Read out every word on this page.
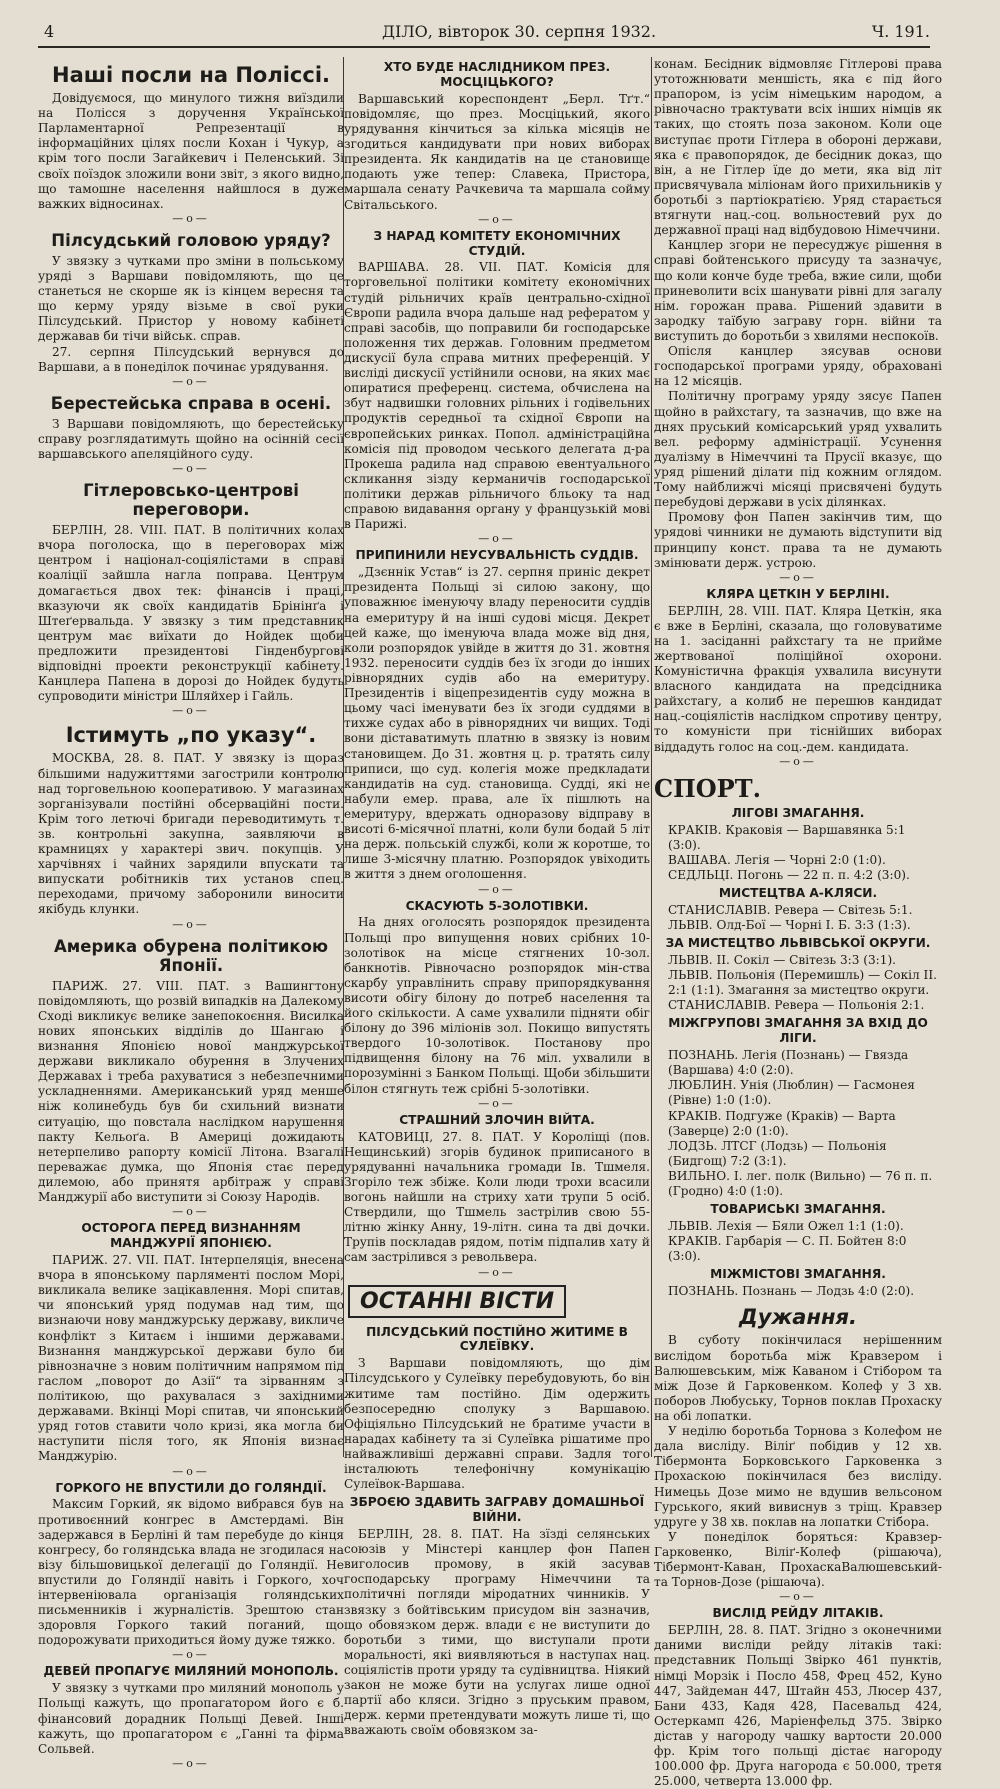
4	ДІЛО, вівторок 30. серпня 1932.	Ч. 191.
Наші посли на Поліссі.

Довідуємося, що минулого тижня виїздили на Полісся з доручення Української Парламентарної Репрезентації в інформаційних цілях посли Кохан і Чукур, а крім того посли Загайкевич і Пеленський. Зі своїх поїздок зложили вони звіт, з якого видно, що тамошне населення найшлося в дуже важких відносинах.

—o—
Пілсудський головою уряду?

У звязку з чутками про зміни в польському уряді з Варшави повідомляють, що це станеться не скорше як із кінцем вересня та що керму уряду візьме в свої руки Пілсудський. Пристор у новому кабінеті державав би тічи військ. справ.

27. серпня Пілсудський вернувся до Варшави, а в понеділок починає урядування.

—o—
Берестейська справа в осені.

З Варшави повідомляють, що берестейську справу розглядатимуть щойно на осінній сесії варшавського апеляційного суду.

—o—
Гітлеровсько-центрові переговори.

БЕРЛІН, 28. VIII. ПАТ. В політичних колах вчора поголоска, що в переговорах між центром і націонал-соціялістами в справі коаліції зайшла нагла поправа. Центрум домагається двох тек: фінансів і праці, вказуючи як своїх кандидатів Брінінґа і Штеґервальда. У звязку з тим представник центрум має виїхати до Нойдек щоби предложити президентові Гінденбургові відповідні проекти реконструкції кабінету. Канцлера Папена в дорозі до Нойдек будуть супроводити міністри Шляйхер і Гайль.

—o—
Істимуть „по указу“.

МОСКВА, 28. 8. ПАТ. У звязку із щораз більшими надужиттями загострили контролю над торговельною кооперативою. У магазинах зорганізували постійні обсерваційні пости. Крім того летючі бригади переводитимуть т. зв. контрольні закупна, заявляючи в крамницях у характері звич. покупців. У харчівнях і чайних зарядили впускати та випускати робітників тих установ спец. переходами, причому заборонили виносити якібудь клунки.

—o—
Америка обурена політикою Японії.

ПАРИЖ. 27. VIII. ПАТ. з Вашингтону повідомляють, що розвій випадків на Далекому Сході викликує велике занепокоєння. Висилка нових японських відділів до Шангаю і визнання Японією нової манджурської держави викликало обурення в Злучених Державах і треба рахуватися з небезпечними ускладненнями. Американський уряд менше ніж колинебудь був би схильний визнати ситуацію, що повстала наслідком нарушення пакту Кельоґа. В Америці дожидають нетерпеливо рапорту комісії Літона. Взагалі переважає думка, що Японія стає перед дилемою, або принятя арбітраж у справі Манджурії або виступити зі Союзу Народів.

—o—
ОСТОРОГА ПЕРЕД ВИЗНАННЯМ МАНДЖУРІЇ ЯПОНІЄЮ.

ПАРИЖ. 27. VII. ПАТ. Інтерпеляція, внесена вчора в японському парляменті послом Морі, викликала велике зацікавлення. Морі спитав, чи японський уряд подумав над тим, що визнаючи нову манджурську державу, викличе конфлікт з Китаєм і іншими державами. Визнання манджурської держави було би рівнозначне з новим політичним напрямом під гаслом „поворот до Азії“ та зірванням з політикою, що рахувалася з західними державами. Вкінці Морі спитав, чи японський уряд готов ставити чоло кризі, яка могла би наступити після того, як Японія визнає Манджурію.

—o—
ГОРКОГО НЕ ВПУСТИЛИ ДО ГОЛЯНДІЇ.

Максим Горкий, як відомо вибрався був на противоєнний конгрес в Амстердамі. Він задержався в Берліні й там перебуде до кінця конгресу, бо голяндська влада не згодилася на візу більшовицької делегації до Голяндії. Не впустили до Голяндії навіть і Горкого, хоч інтервеніювала організація голяндських письменників і журналістів. Зрештою стан здоровля Горкого такий поганий, що подорожувати приходиться йому дуже тяжко.

—o—
ДЕВЕЙ ПРОПАГУЄ МИЛЯНИЙ МОНОПОЛЬ.

У звязку з чутками про миляний монополь у Польщі кажуть, що пропагатором його є б. фінансовий дорадник Польщі Девей. Інші кажуть, що пропагатором є „Ганні та фірма Сольвей.

—o—
ХТО БУДЕ НАСЛІДНИКОМ ПРЕЗ. МОСЦІЦЬКОГО?

Варшавський кореспондент „Берл. Тґт.“ повідомляє, що през. Мосціцький, якого урядування кінчиться за кілька місяців не згодиться кандидувати при нових виборах президента. Як кандидатів на це становище подають уже тепер: Славека, Пристора, маршала сенату Рачкевича та маршала сойму Світальського.

—o—
З НАРАД КОМІТЕТУ ЕКОНОМІЧНИХ СТУДІЙ.

ВАРШАВА. 28. VII. ПАТ. Комісія для торговельної політики комітету економічних студій рільничих країв центрально-східної Європи радила вчора дальше над рефератом у справі засобів, що поправили би господарське положення тих держав. Головним предметом дискусії була справа митних преференцій. У висліді дискусії устійнили основи, на яких має опиратися преференц. система, обчислена на збут надвишки головних рільних і годівельних продуктів середньої та східної Європи на європейських ринках. Попол. адміністраційна комісія під проводом чеського делегата д-ра Прокеша радила над справою евентуального скликання зізду керманичів господарської політики держав рільничого бльоку та над справою видавання органу у французькій мові в Парижі.

—o—
ПРИПИНИЛИ НЕУСУВАЛЬНІСТЬ СУДДІВ.

„Дзєннік Устав“ із 27. серпня приніс декрет президента Польщі зі силою закону, що уповажнює іменуючу владу переносити суддів на емеритуру й на інші судові місця. Декрет цей каже, що іменуюча влада може від дня, коли розпорядок увійде в життя до 31. жовтня 1932. переносити суддів без їх згоди до інших рівнорядних судів або на емеритуру. Президентів і віцепрезидентів суду можна в цьому часі іменувати без їх згоди суддями в тихже судах або в рівнорядних чи вищих. Тоді вони діставатимуть платню в звязку із новим становищем. До 31. жовтня ц. р. тратять силу приписи, що суд. колегія може предкладати кандидатів на суд. становища. Судді, які не набули емер. права, але їх пішлють на емеритуру, вдержать одноразову відправу в висоті 6-місячної платні, коли були бодай 5 літ на держ. польській службі, коли ж коротше, то лише 3-місячну платню. Розпорядок увіходить в життя з днем оголошення.

—o—
СКАСУЮТЬ 5-ЗОЛОТІВКИ.

На днях оголосять розпорядок президента Польщі про випущення нових срібних 10-золотівок на місце стягнених 10-зол. банкнотів. Рівночасно розпорядок мін-ства скарбу управлінить справу припорядкування висоти обігу білону до потреб населення та його скількости. А саме ухвалили підняти обіг білону до 396 міліонів зол. Покищо випустять твердого 10-золотівок. Постанову про підвищення білону на 76 міл. ухвалили в порозумінні з Банком Польщі. Щоби збільшити білон стягнуть теж срібні 5-золотівки.

—o—
СТРАШНИЙ ЗЛОЧИН ВІЙТА.

КАТОВИЦІ, 27. 8. ПАТ. У Короліщі (пов. Нещинський) згорів будинок приписаного в урядуванні начальника громади Ів. Тшмеля. Згоріло теж збіже. Коли люди трохи всасили вогонь найшли на стриху хати трупи 5 осіб. Ствердили, що Тшмель застрілив свою 55-літню жінку Анну, 19-літн. сина та дві дочки. Трупів поскладав рядом, потім підпалив хату й сам застрілився з револьвера.

—o—
ОСТАННІ ВІСТИ
ПІЛСУДСЬКИЙ ПОСТІЙНО ЖИТИМЕ В СУЛЕЇВКУ.

З Варшави повідомляють, що дім Пілсудського у Сулеївку перебудовують, бо він житиме там постійно. Дім одержить безпосередню сполуку з Варшавою. Офіціяльно Пілсудський не братиме участи в нарадах кабінету та зі Сулеївка рішатиме про найважливіші державні справи. Задля того інсталюють телефонічну комунікацію Сулеївок-Варшава.

ЗБРОЄЮ ЗДАВИТЬ ЗАГРАВУ ДОМАШНЬОЇ ВІЙНИ.

БЕРЛІН, 28. 8. ПАТ. На зїзді селянських союзів у Мінстері канцлер фон Папен виголосив промову, в якій засував господарську програму Німеччини та політичні погляди міродатних чинників. У звязку з бойтівським присудом він зазначив, що обовязком держ. влади є не виступити до боротьби з тими, що виступали проти моральності, які виявляються в наступах нац. соціялістів проти уряду та судівництва. Ніякий закон не може бути на услугах лише одної партії або кляси. Згідно з пруським правом, держ. керми претендувати можуть лише ті, що вважають своїм обовязком за-

конам. Бесідник відмовляє Гітлерові права утотожнювати меншість, яка є під його прапором, із усім німецьким народом, а рівночасно трактувати всіх інших німців як таких, що стоять поза законом. Коли оце виступає проти Гітлера в обороні держави, яка є правопорядок, де бесідник доказ, що він, а не Гітлер їде до мети, яка від літ присвячувала міліонам його прихильників у боротьбі з партіократією. Уряд старається втягнути нац.-соц. вольностевий рух до державної праці над відбудовою Німеччини.

Канцлер згори не пересуджує рішення в справі бойтенського присуду та зазначує, що коли конче буде треба, вжие сили, щоби приневолити всіх шанувати рівні для загалу нім. горожан права. Рішений здавити в зародку таїбую заграву горн. війни та виступить до боротьби з хвилями неспокоїв.

Опісля канцлер зясував основи господарської програми уряду, обраховані на 12 місяців.

Політичну програму уряду зясує Папен щойно в райхстагу, та зазначив, що вже на днях пруський комісарський уряд ухвалить вел. реформу адміністрації. Усунення дуалізму в Німеччині та Прусії вказує, що уряд рішений ділати під кожним оглядом. Тому найближчі місяці присвячені будуть перебудові держави в усіх ділянках.

Промову фон Папен закінчив тим, що урядові чинники не думають відступити від принципу конст. права та не думають змінювати держ. устрою.

—o—
КЛЯРА ЦЕТКІН У БЕРЛІНІ.

БЕРЛІН, 28. VIII. ПАТ. Кляра Цеткін, яка є вже в Берліні, сказала, що головуватиме на 1. засіданні райхстагу та не прийме жертвованої поліційної охорони. Комуністична фракція ухвалила висунути власного кандидата на предсідника райхстагу, а колиб не перешюв кандидат нац.-соціялістів наслідком спротиву центру, то комуністи при тіснійших виборах віддадуть голос на соц.-дем. кандидата.

—o—
СПОРТ.
ЛІГОВІ ЗМАГАННЯ.
КРАКІВ. Краковія — Варшавянка 5:1 (3:0).
ВАШАВА. Легія — Чорні 2:0 (1:0).
СЕДЛЬЦІ. Погонь — 22 п. п. 4:2 (3:0).
МИСТЕЦТВА А-КЛЯСИ.
СТАНИСЛАВІВ. Ревера — Світезь 5:1.
ЛЬВІВ. Олд-Бої — Чорні І. Б. 3:3 (1:3).
ЗА МИСТЕЦТВО ЛЬВІВСЬКОЇ ОКРУГИ.
ЛЬВІВ. ІІ. Сокіл — Світезь 3:3 (3:1).
ЛЬВІВ. Польонія (Перемишль) — Сокіл ІІ. 2:1 (1:1). Змагання за мистецтво округи.
СТАНИСЛАВІВ. Ревера — Польонія 2:1.
МІЖГРУПОВІ ЗМАГАННЯ ЗА ВХІД ДО ЛІГИ.
ПОЗНАНЬ. Легія (Познань) — Гвязда (Варшава) 4:0 (2:0).
ЛЮБЛИН. Унія (Люблин) — Гасмонея (Рівне) 1:0 (1:0).
КРАКІВ. Подгуже (Краків) — Варта (Заверце) 2:0 (1:0).
ЛОДЗЬ. ЛТСГ (Лодзь) — Польонія (Бидгощ) 7:2 (3:1).
ВИЛЬНО. І. лег. полк (Вильно) — 76 п. п. (Гродно) 4:0 (1:0).
ТОВАРИСЬКІ ЗМАГАННЯ.
ЛЬВІВ. Лехія — Бяли Ожел 1:1 (1:0).
КРАКІВ. Гарбарія — С. П. Бойтен 8:0 (3:0).
МІЖМІСТОВІ ЗМАГАННЯ.
ПОЗНАНЬ. Познань — Лодзь 4:0 (2:0).
Дужання.

В суботу покінчилася нерішенним вислідом боротьба між Кравзером і Валюшевським, між Каваном і Стібором та між Дозе й Гарковенком. Колеф у 3 хв. поборов Любуську, Торнов поклав Прохаску на обі лопатки.

У неділю боротьба Торнова з Колефом не дала висліду. Віліґ побідив у 12 хв. Тібермонта Борковського Гарковенка з Прохаскою покінчилася без висліду. Нимецьь Дозе мимо не вдушив вельсоном Гурського, який вивиснув з тріщ. Кравзер удруге у 38 хв. поклав на лопатки Стібора.

У понеділок боряться: Кравзер-Гарковенко, Віліґ-Колеф (рішаюча), Тібермонт-Каван, ПрохаскаВалюшевський- та Торнов-Дозе (рішаюча).

—o—
ВИСЛІД РЕЙДУ ЛІТАКІВ.

БЕРЛІН, 28. 8. ПАТ. Згідно з оконечними даними висліди рейду літаків такі: представник Польщі Звірко 461 пунктів, німці Морзік і Посло 458, Фрец 452, Куно 447, Зайдеман 447, Штайн 453, Люсер 437, Бани 433, Кадя 428, Пасевальд 424, Остеркамп 426, Маріенфельд 375. Звірко дістав у нагороду чашку вартости 20.000 фр. Крім того польщі дістає нагороду 100.000 фр. Друга нагорода є 50.000, третя 25.000, четверта 13.000 фр.
